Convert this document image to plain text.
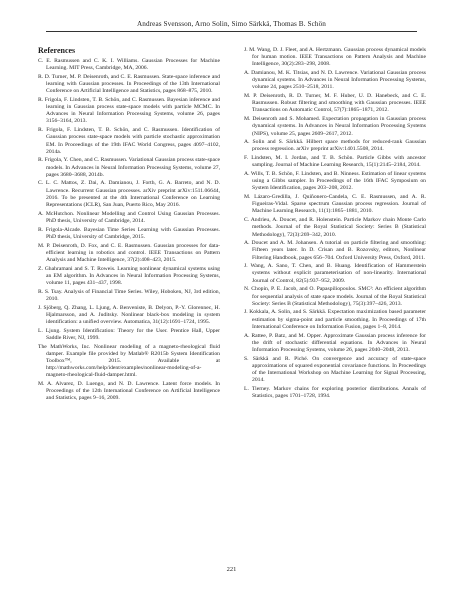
Andreas Svensson, Arno Solin, Simo Särkkä, Thomas B. Schön
References

C. E. Rasmussen and C. K. I. Williams. Gaussian Processes for Machine Learning. MIT Press, Cambridge, MA, 2006.

R. D. Turner, M. P. Deisenroth, and C. E. Rasmussen. State-space inference and learning with Gaussian processes. In Proceedings of the 13th International Conference on Artificial Intelligence and Statistics, pages 868–875, 2010.

R. Frigola, F. Lindsten, T. B. Schön, and C. Rasmussen. Bayesian inference and learning in Gaussian process state-space models with particle MCMC. In Advances in Neural Information Processing Systems, volume 26, pages 3156–3164, 2013.

R. Frigola, F. Lindsten, T. B. Schön, and C. Rasmussen. Identification of Gaussian process state-space models with particle stochastic approximation EM. In Proceedings of the 19th IFAC World Congress, pages 4097–4102, 2014a.

R. Frigola, Y. Chen, and C. Rasmussen. Variational Gaussian process state-space models. In Advances in Neural Information Processing Systems, volume 27, pages 3680–3688, 2014b.

C. L. C. Mattos, Z. Dai, A. Damianou, J. Forth, G. A. Barreto, and N. D. Lawrence. Recurrent Gaussian processes. arXiv preprint arXiv:1511.06644, 2016. To be presented at the 4th International Conference on Learning Representations (ICLR), San Juan, Puerto Rico, May 2016.

A. McHutchon. Nonlinear Modelling and Control Using Gaussian Processes. PhD thesis, University of Cambridge, 2014.

R. Frigola-Alcade. Bayesian Time Series Learning with Gaussian Processes. PhD thesis, University of Cambridge, 2015.

M. P. Deisenroth, D. Fox, and C. E. Rasmussen. Gaussian processes for data-efficient learning in robotics and control. IEEE Transactions on Pattern Analysis and Machine Intelligence, 37(2):408–423, 2015.

Z. Ghahramani and S. T. Roweis. Learning nonlinear dynamical systems using an EM algorithm. In Advances in Neural Information Processing Systems, volume 11, pages 431–437, 1998.

R. S. Tsay. Analysis of Financial Time Series. Wiley, Hoboken, NJ, 3rd edition, 2010.

J. Sjöberg, Q. Zhang, L. Ljung, A. Benveniste, B. Delyon, P.-Y. Glorennec, H. Hjalmarsson, and A. Juditsky. Nonlinear black-box modeling in system identification: a unified overview. Automatica, 31(12):1691–1724, 1995.

L. Ljung. System Identification: Theory for the User. Prentice Hall, Upper Saddle River, NJ, 1999.

The MathWorks, Inc. Nonlinear modeling of a magneto-rheological fluid damper. Example file provided by Matlab® R2015b System Identification Toolbox™, 2015. Available at http://mathworks.com/help/ident/examples/nonlinear-modeling-of-a-magneto-rheological-fluid-damper.html.

M. A. Alvarez, D. Luengo, and N. D. Lawrence. Latent force models. In Proceedings of the 12th International Conference on Artificial Intelligence and Statistics, pages 9–16, 2009.

J. M. Wang, D. J. Fleet, and A. Hertzmann. Gaussian process dynamical models for human motion. IEEE Transactions on Pattern Analysis and Machine Intelligence, 30(2):283–298, 2008.

A. Damianou, M. K. Titsias, and N. D. Lawrence. Variational Gaussian process dynamical systems. In Advances in Neural Information Processing Systems, volume 24, pages 2510–2518, 2011.

M. P. Deisenroth, R. D. Turner, M. F. Huber, U. D. Hanebeck, and C. E. Rasmussen. Robust filtering and smoothing with Gaussian processes. IEEE Transactions on Automatic Control, 57(7):1865–1871, 2012.

M. Deisenroth and S. Mohamed. Expectation propagation in Gaussian process dynamical systems. In Advances in Neural Information Processing Systems (NIPS), volume 25, pages 2609–2617, 2012.

A. Solin and S. Särkkä. Hilbert space methods for reduced-rank Gaussian process regression. arXiv preprint arXiv:1401.5508, 2014.

F. Lindsten, M. I. Jordan, and T. B. Schön. Particle Gibbs with ancestor sampling. Journal of Machine Learning Research, 15(1):2145–2184, 2014.

A. Wills, T. B. Schön, F. Lindsten, and B. Ninness. Estimation of linear systems using a Gibbs sampler. In Proceedings of the 16th IFAC Symposium on System Identification, pages 203–208, 2012.

M. Lázaro-Gredilla, J. Quiñonero-Candela, C. E. Rasmussen, and A. R. Figueiras-Vidal. Sparse spectrum Gaussian process regression. Journal of Machine Learning Research, 11(1):1865–1881, 2010.

C. Andrieu, A. Doucet, and R. Holenstein. Particle Markov chain Monte Carlo methods. Journal of the Royal Statistical Society: Series B (Statistical Methodology), 72(3):269–342, 2010.

A. Doucet and A. M. Johansen. A tutorial on particle filtering and smoothing: Fifteen years later. In D. Crisan and B. Rozovsky, editors, Nonlinear Filtering Handbook, pages 656–704. Oxford University Press, Oxford, 2011.

J. Wang, A. Sano, T. Chen, and B. Huang. Identification of Hammerstein systems without explicit parameterisation of non-linearity. International Journal of Control, 82(5):937–952, 2009.

N. Chopin, P. E. Jacob, and O. Papaspiliopoulos. SMC²: An efficient algorithm for sequential analysis of state space models. Journal of the Royal Statistical Society: Series B (Statistical Methodology), 75(3):397–426, 2013.

J. Kokkala, A. Solin, and S. Särkkä. Expectation maximization based parameter estimation by sigma-point and particle smoothing. In Proceedings of 17th International Conference on Information Fusion, pages 1–8, 2014.

A. Rattee, P. Batz, and M. Opper. Approximate Gaussian process inference for the drift of stochastic differential equations. In Advances in Neural Information Processing Systems, volume 26, pages 2040–2048, 2013.

S. Särkkä and R. Piché. On convergence and accuracy of state-space approximations of squared exponential covariance functions. In Proceedings of the International Workshop on Machine Learning for Signal Processing, 2014.

L. Tierney. Markov chains for exploring posterior distributions. Annals of Statistics, pages 1701–1728, 1994.

221
